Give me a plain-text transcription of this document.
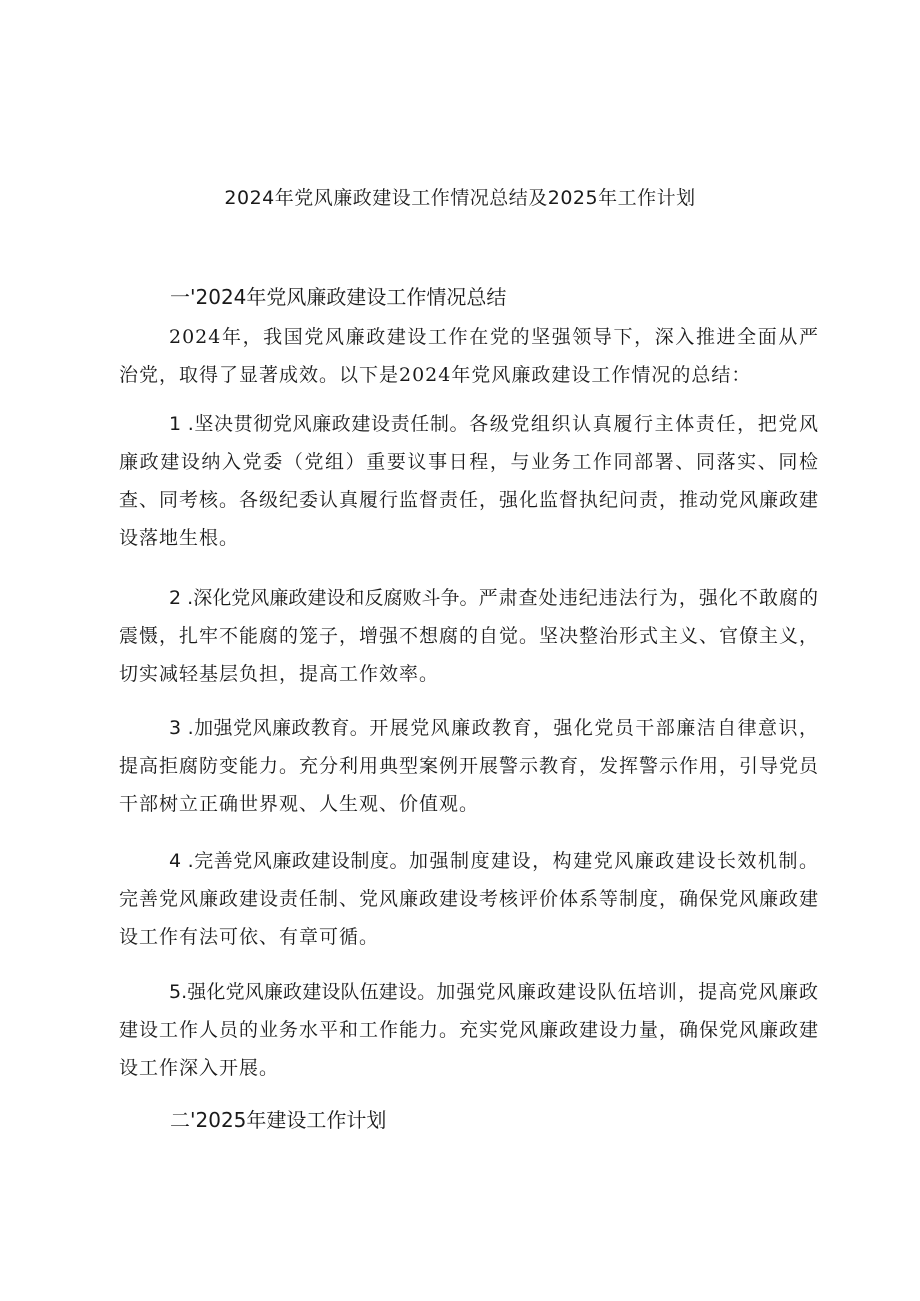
2024年党风廉政建设工作情况总结及2025年工作计划
一'2024年党风廉政建设工作情况总结
2024年，我国党风廉政建设工作在党的坚强领导下，深入推进全面从严治党，取得了显著成效。以下是2024年党风廉政建设工作情况的总结：
1 .坚决贯彻党风廉政建设责任制。各级党组织认真履行主体责任，把党风廉政建设纳入党委（党组）重要议事日程，与业务工作同部署、同落实、同检查、同考核。各级纪委认真履行监督责任，强化监督执纪问责，推动党风廉政建设落地生根。
2 .深化党风廉政建设和反腐败斗争。严肃查处违纪违法行为，强化不敢腐的震慑，扎牢不能腐的笼子，增强不想腐的自觉。坚决整治形式主义、官僚主义，切实减轻基层负担，提高工作效率。
3 .加强党风廉政教育。开展党风廉政教育，强化党员干部廉洁自律意识，提高拒腐防变能力。充分利用典型案例开展警示教育，发挥警示作用，引导党员干部树立正确世界观、人生观、价值观。
4 .完善党风廉政建设制度。加强制度建设，构建党风廉政建设长效机制。完善党风廉政建设责任制、党风廉政建设考核评价体系等制度，确保党风廉政建设工作有法可依、有章可循。
5.强化党风廉政建设队伍建设。加强党风廉政建设队伍培训，提高党风廉政建设工作人员的业务水平和工作能力。充实党风廉政建设力量，确保党风廉政建设工作深入开展。
二'2025年建设工作计划
